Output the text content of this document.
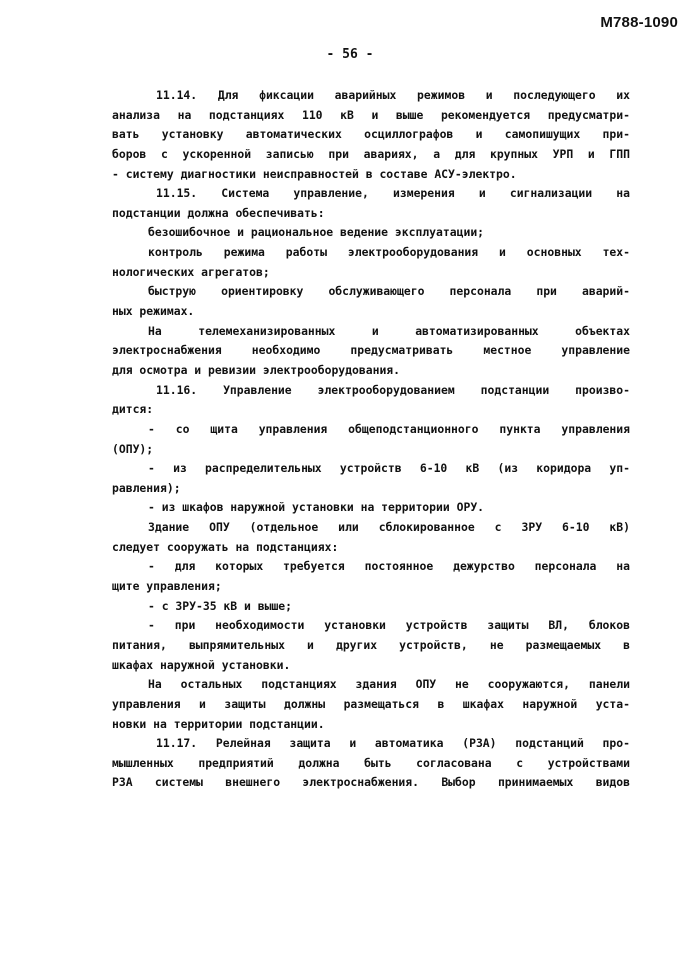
М788-1090
- 56 -
11.14. Для фиксации аварийных режимов и последующего их
анализа на подстанциях 110 кВ и выше рекомендуется предусматри-
вать установку автоматических осциллографов и самопишущих при-
боров с ускоренной записью при авариях, а для крупных УРП и ГПП
- систему диагностики неисправностей в составе АСУ-электро.
11.15. Система управление, измерения и сигнализации на
подстанции должна обеспечивать:
безошибочное и рациональное ведение эксплуатации;
контроль режима работы электрооборудования и основных тех-
нологических агрегатов;
быструю ориентировку обслуживающего персонала при аварий-
ных режимах.
На телемеханизированных и автоматизированных объектах
электроснабжения необходимо предусматривать местное управление
для осмотра и ревизии электрооборудования.
11.16. Управление электрооборудованием подстанции произво-
дится:
- со щита управления общеподстанционного пункта управления
(ОПУ);
- из распределительных устройств 6-10 кВ (из коридора уп-
равления);
- из шкафов наружной установки на территории ОРУ.
Здание ОПУ (отдельное или сблокированное с ЗРУ 6-10 кВ)
следует сооружать на подстанциях:
- для которых требуется постоянное дежурство персонала на
щите управления;
- с ЗРУ-35 кВ и выше;
- при необходимости установки устройств защиты ВЛ, блоков
питания, выпрямительных и других устройств, не размещаемых в
шкафах наружной установки.
На остальных подстанциях здания ОПУ не сооружаются, панели
управления и защиты должны размещаться в шкафах наружной уста-
новки на территории подстанции.
11.17. Релейная защита и автоматика (РЗА) подстанций про-
мышленных предприятий должна быть согласована с устройствами
РЗА системы внешнего электроснабжения. Выбор принимаемых видов
